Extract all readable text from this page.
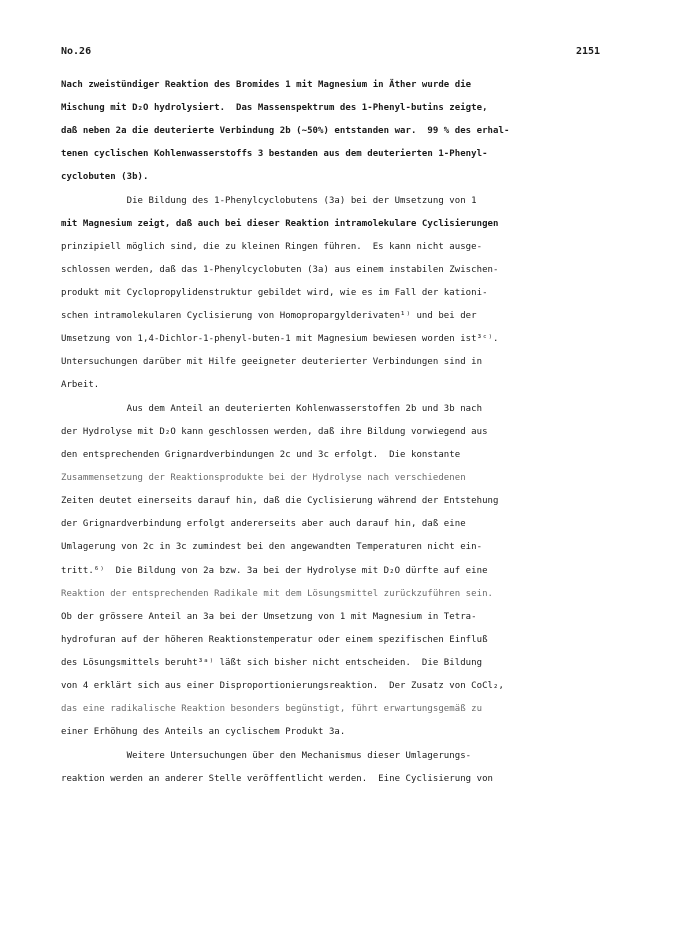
No.26	2151
Nach zweistündiger Reaktion des Bromides 1 mit Magnesium in Äther wurde die
Mischung mit D₂O hydrolysiert.  Das Massenspektrum des 1-Phenyl-butins zeigte,
daß neben 2a die deuterierte Verbindung 2b (~50%) entstanden war.  99 % des erhal-
tenen cyclischen Kohlenwasserstoffs 3 bestanden aus dem deuterierten 1-Phenyl-
cyclobuten (3b).
Die Bildung des 1-Phenylcyclobutens (3a) bei der Umsetzung von 1
mit Magnesium zeigt, daß auch bei dieser Reaktion intramolekulare Cyclisierungen
prinzipiell möglich sind, die zu kleinen Ringen führen.  Es kann nicht ausge-
schlossen werden, daß das 1-Phenylcyclobuten (3a) aus einem instabilen Zwischen-
produkt mit Cyclopropylidenstruktur gebildet wird, wie es im Fall der kationi-
schen intramolekularen Cyclisierung von Homopropargylderivaten¹⁾ und bei der
Umsetzung von 1,4-Dichlor-1-phenyl-buten-1 mit Magnesium bewiesen worden ist³ᶜ⁾.
Untersuchungen darüber mit Hilfe geeigneter deuterierter Verbindungen sind in
Arbeit.
Aus dem Anteil an deuterierten Kohlenwasserstoffen 2b und 3b nach
der Hydrolyse mit D₂O kann geschlossen werden, daß ihre Bildung vorwiegend aus
den entsprechenden Grignardverbindungen 2c und 3c erfolgt.  Die konstante
Zusammensetzung der Reaktionsprodukte bei der Hydrolyse nach verschiedenen
Zeiten deutet einerseits darauf hin, daß die Cyclisierung während der Entstehung
der Grignardverbindung erfolgt andererseits aber auch darauf hin, daß eine
Umlagerung von 2c in 3c zumindest bei den angewandten Temperaturen nicht ein-
tritt.⁶⁾  Die Bildung von 2a bzw. 3a bei der Hydrolyse mit D₂O dürfte auf eine
Reaktion der entsprechenden Radikale mit dem Lösungsmittel zurückzuführen sein.
Ob der grössere Anteil an 3a bei der Umsetzung von 1 mit Magnesium in Tetra-
hydrofuran auf der höheren Reaktionstemperatur oder einem spezifischen Einfluß
des Lösungsmittels beruht³ᵃ⁾ läßt sich bisher nicht entscheiden.  Die Bildung
von 4 erklärt sich aus einer Disproportionierungsreaktion.  Der Zusatz von CoCl₂,
das eine radikalische Reaktion besonders begünstigt, führt erwartungsgemäß zu
einer Erhöhung des Anteils an cyclischem Produkt 3a.
Weitere Untersuchungen über den Mechanismus dieser Umlagerungs-
reaktion werden an anderer Stelle veröffentlicht werden.  Eine Cyclisierung von
